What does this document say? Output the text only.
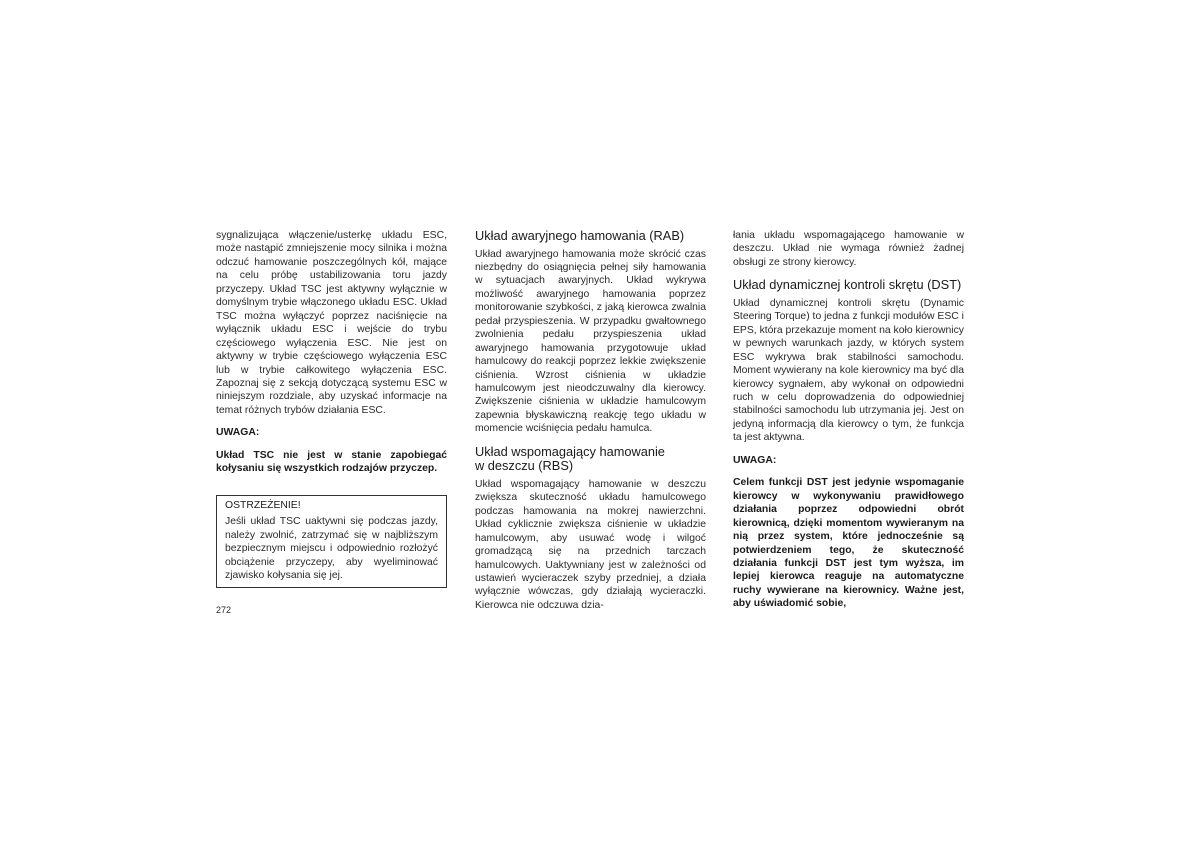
sygnalizująca włączenie/usterkę układu ESC, może nastąpić zmniejszenie mocy silnika i można odczuć hamowanie poszczególnych kół, mające na celu próbę ustabilizowania toru jazdy przyczepy. Układ TSC jest aktywny wyłącznie w domyślnym trybie włączonego układu ESC. Układ TSC można wyłączyć poprzez naciśnięcie na wyłącznik układu ESC i wejście do trybu częściowego wyłączenia ESC. Nie jest on aktywny w trybie częściowego wyłączenia ESC lub w trybie całkowitego wyłączenia ESC. Zapoznaj się z sekcją dotyczącą systemu ESC w niniejszym rozdziale, aby uzyskać informacje na temat różnych trybów działania ESC.

UWAGA:

Układ TSC nie jest w stanie zapobiegać kołysaniu się wszystkich rodzajów przyczep.

OSTRZEŻENIE!

Jeśli układ TSC uaktywni się podczas jazdy, należy zwolnić, zatrzymać się w najbliższym bezpiecznym miejscu i odpowiednio rozłożyć obciążenie przyczepy, aby wyeliminować zjawisko kołysania się jej.

Układ awaryjnego hamowania (RAB)

Układ awaryjnego hamowania może skrócić czas niezbędny do osiągnięcia pełnej siły hamowania w sytuacjach awaryjnych. Układ wykrywa możliwość awaryjnego hamowania poprzez monitorowanie szybkości, z jaką kierowca zwalnia pedał przyspieszenia. W przypadku gwałtownego zwolnienia pedału przyspieszenia układ awaryjnego hamowania przygotowuje układ hamulcowy do reakcji poprzez lekkie zwiększenie ciśnienia. Wzrost ciśnienia w układzie hamulcowym jest nieodczuwalny dla kierowcy. Zwiększenie ciśnienia w układzie hamulcowym zapewnia błyskawiczną reakcję tego układu w momencie wciśnięcia pedału hamulca.

Układ wspomagający hamowanie
w deszczu (RBS)

Układ wspomagający hamowanie w deszczu zwiększa skuteczność układu hamulcowego podczas hamowania na mokrej nawierzchni. Układ cyklicznie zwiększa ciśnienie w układzie hamulcowym, aby usuwać wodę i wilgoć gromadzącą się na przednich tarczach hamulcowych. Uaktywniany jest w zależności od ustawień wycieraczek szyby przedniej, a działa wyłącznie wówczas, gdy działają wycieraczki. Kierowca nie odczuwa dzia-

łania układu wspomagającego hamowanie w deszczu. Układ nie wymaga również żadnej obsługi ze strony kierowcy.

Układ dynamicznej kontroli skrętu (DST)

Układ dynamicznej kontroli skrętu (Dynamic Steering Torque) to jedna z funkcji modułów ESC i EPS, która przekazuje moment na koło kierownicy w pewnych warunkach jazdy, w których system ESC wykrywa brak stabilności samochodu. Moment wywierany na kole kierownicy ma być dla kierowcy sygnałem, aby wykonał on odpowiedni ruch w celu doprowadzenia do odpowiedniej stabilności samochodu lub utrzymania jej. Jest on jedyną informacją dla kierowcy o tym, że funkcja ta jest aktywna.

UWAGA:

Celem funkcji DST jest jedynie wspomaganie kierowcy w wykonywaniu prawidłowego działania poprzez odpowiedni obrót kierownicą, dzięki momentom wywieranym na nią przez system, które jednocześnie są potwierdzeniem tego, że skuteczność działania funkcji DST jest tym wyższa, im lepiej kierowca reaguje na automatyczne ruchy wywierane na kierownicy. Ważne jest, aby uświadomić sobie,

272
